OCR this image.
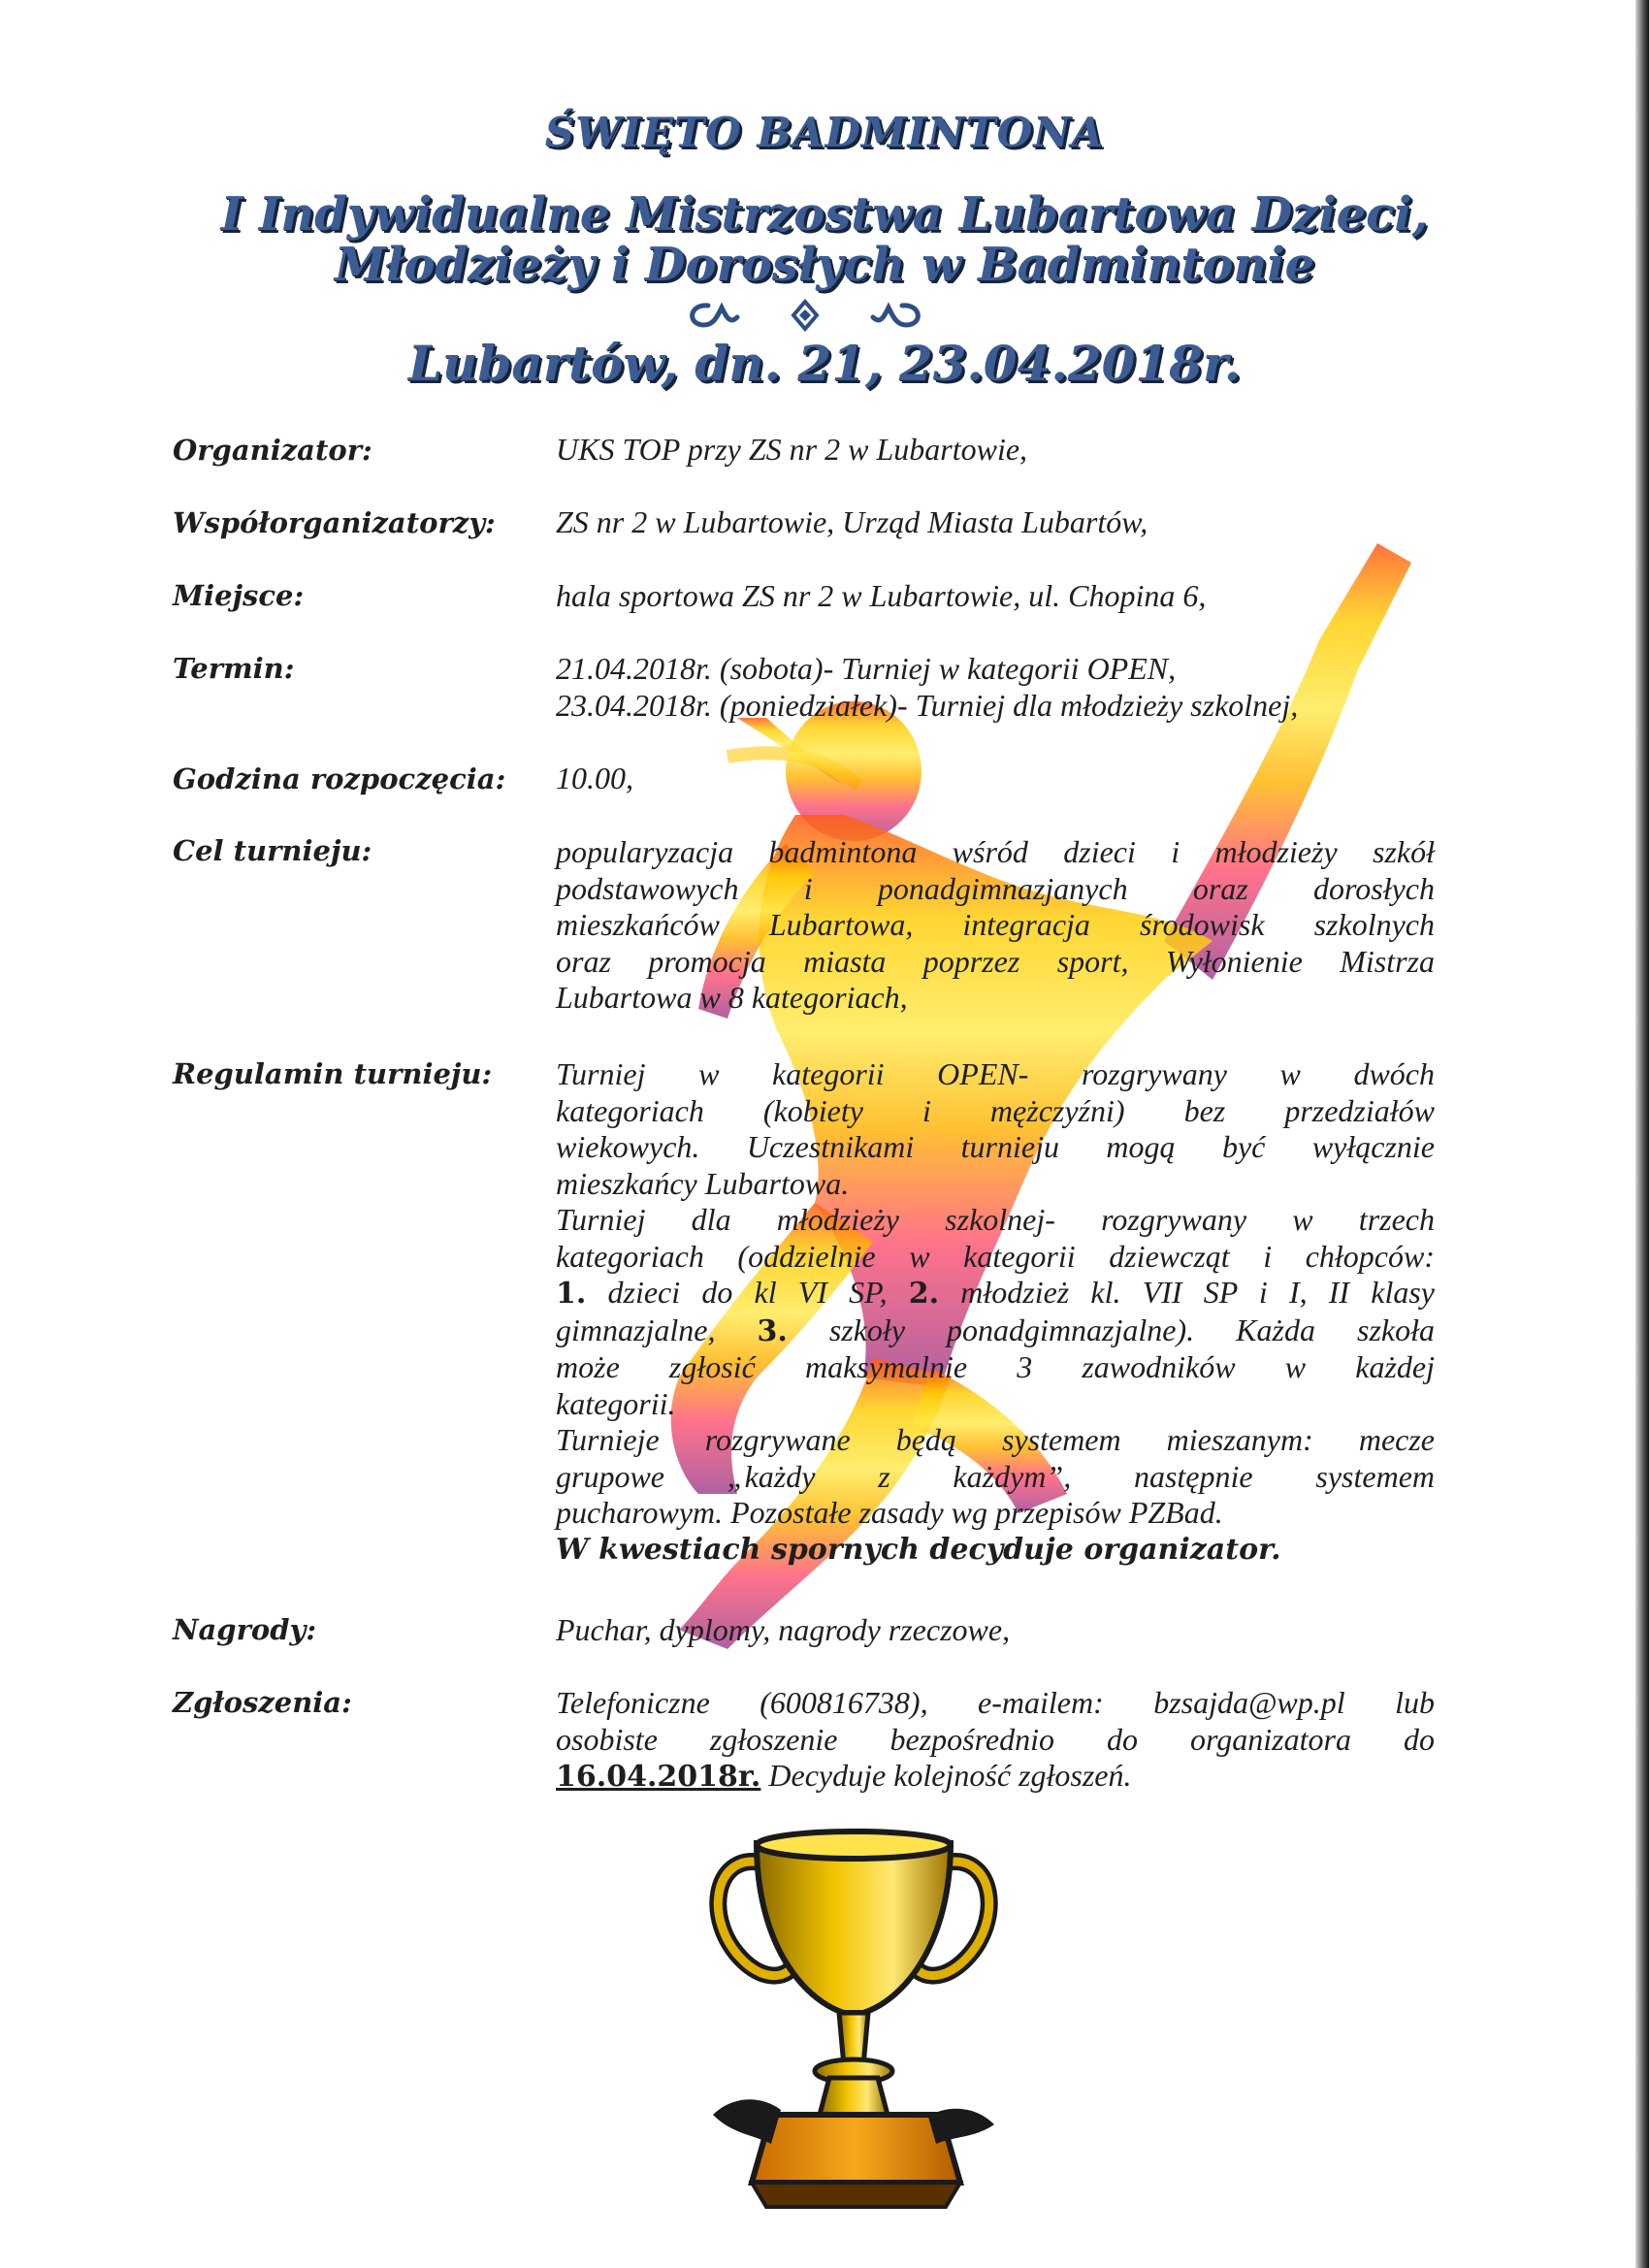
ŚWIĘTO BADMINTONA
I Indywidualne Mistrzostwa Lubartowa Dzieci,
Młodzieży i Dorosłych w Badmintonie
Lubartów, dn. 21, 23.04.2018r.
Organizator:	UKS TOP przy ZS nr 2 w Lubartowie,
Współorganizatorzy: ZS nr 2 w Lubartowie, Urząd Miasta Lubartów,
Miejsce:	hala sportowa ZS nr 2 w Lubartowie, ul. Chopina 6,
Termin:	21.04.2018r. (sobota)- Turniej w kategorii OPEN,
23.04.2018r. (poniedziałek)- Turniej dla młodzieży szkolnej,
Godzina rozpoczęcia: 10.00,
Cel turnieju:	popularyzacja badmintona wśród dzieci i młodzieży szkół
podstawowych i ponadgimnazjanych oraz dorosłych
mieszkańców Lubartowa, integracja środowisk szkolnych
oraz promocja miasta poprzez sport, Wyłonienie Mistrza
Lubartowa w 8 kategoriach,
Regulamin turnieju: Turniej w kategorii OPEN- rozgrywany w dwóch
kategoriach (kobiety i mężczyźni) bez przedziałów
wiekowych. Uczestnikami turnieju mogą być wyłącznie
mieszkańcy Lubartowa.
Turniej dla młodzieży szkolnej- rozgrywany w trzech
kategoriach (oddzielnie w kategorii dziewcząt i chłopców:
1. dzieci do kl VI SP, 2. młodzież kl. VII SP i I, II klasy
gimnazjalne, 3. szkoły ponadgimnazjalne). Każda szkoła
może zgłosić maksymalnie 3 zawodników w każdej
kategorii.
Turnieje rozgrywane będą systemem mieszanym: mecze
grupowe „każdy z każdym”, następnie systemem
pucharowym. Pozostałe zasady wg przepisów PZBad.
W kwestiach spornych decyduje organizator.
Nagrody:	Puchar, dyplomy, nagrody rzeczowe,
Zgłoszenia:	Telefoniczne (600816738), e-mailem: bzsajda@wp.pl lub
osobiste zgłoszenie bezpośrednio do organizatora do
16.04.2018r. Decyduje kolejność zgłoszeń.
